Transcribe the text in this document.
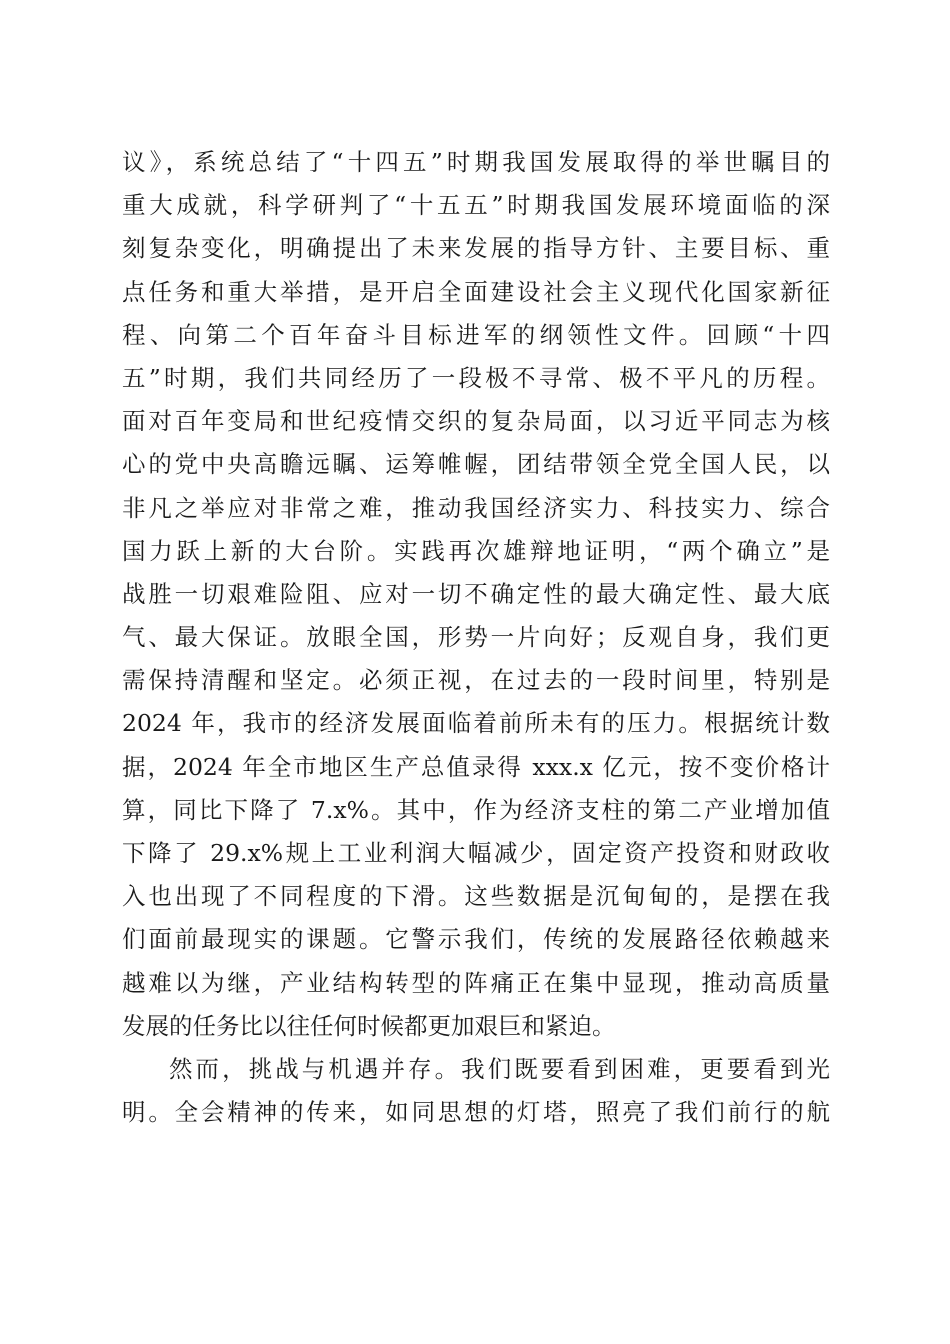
议》，系统总结了“十四五”时期我国发展取得的举世瞩目的
重大成就，科学研判了“十五五”时期我国发展环境面临的深
刻复杂变化，明确提出了未来发展的指导方针、主要目标、重
点任务和重大举措，是开启全面建设社会主义现代化国家新征
程、向第二个百年奋斗目标进军的纲领性文件。回顾“十四
五”时期，我们共同经历了一段极不寻常、极不平凡的历程。
面对百年变局和世纪疫情交织的复杂局面，以习近平同志为核
心的党中央高瞻远瞩、运筹帷幄，团结带领全党全国人民，以
非凡之举应对非常之难，推动我国经济实力、科技实力、综合
国力跃上新的大台阶。实践再次雄辩地证明，“两个确立”是
战胜一切艰难险阻、应对一切不确定性的最大确定性、最大底
气、最大保证。放眼全国，形势一片向好；反观自身，我们更
需保持清醒和坚定。必须正视，在过去的一段时间里，特别是
2024 年，我市的经济发展面临着前所未有的压力。根据统计数
据，2024 年全市地区生产总值录得 xxx.x 亿元，按不变价格计
算，同比下降了 7.x%。其中，作为经济支柱的第二产业增加值
下降了 29.x%规上工业利润大幅减少，固定资产投资和财政收
入也出现了不同程度的下滑。这些数据是沉甸甸的，是摆在我
们面前最现实的课题。它警示我们，传统的发展路径依赖越来
越难以为继，产业结构转型的阵痛正在集中显现，推动高质量
发展的任务比以往任何时候都更加艰巨和紧迫。
然而，挑战与机遇并存。我们既要看到困难，更要看到光
明。全会精神的传来，如同思想的灯塔，照亮了我们前行的航
